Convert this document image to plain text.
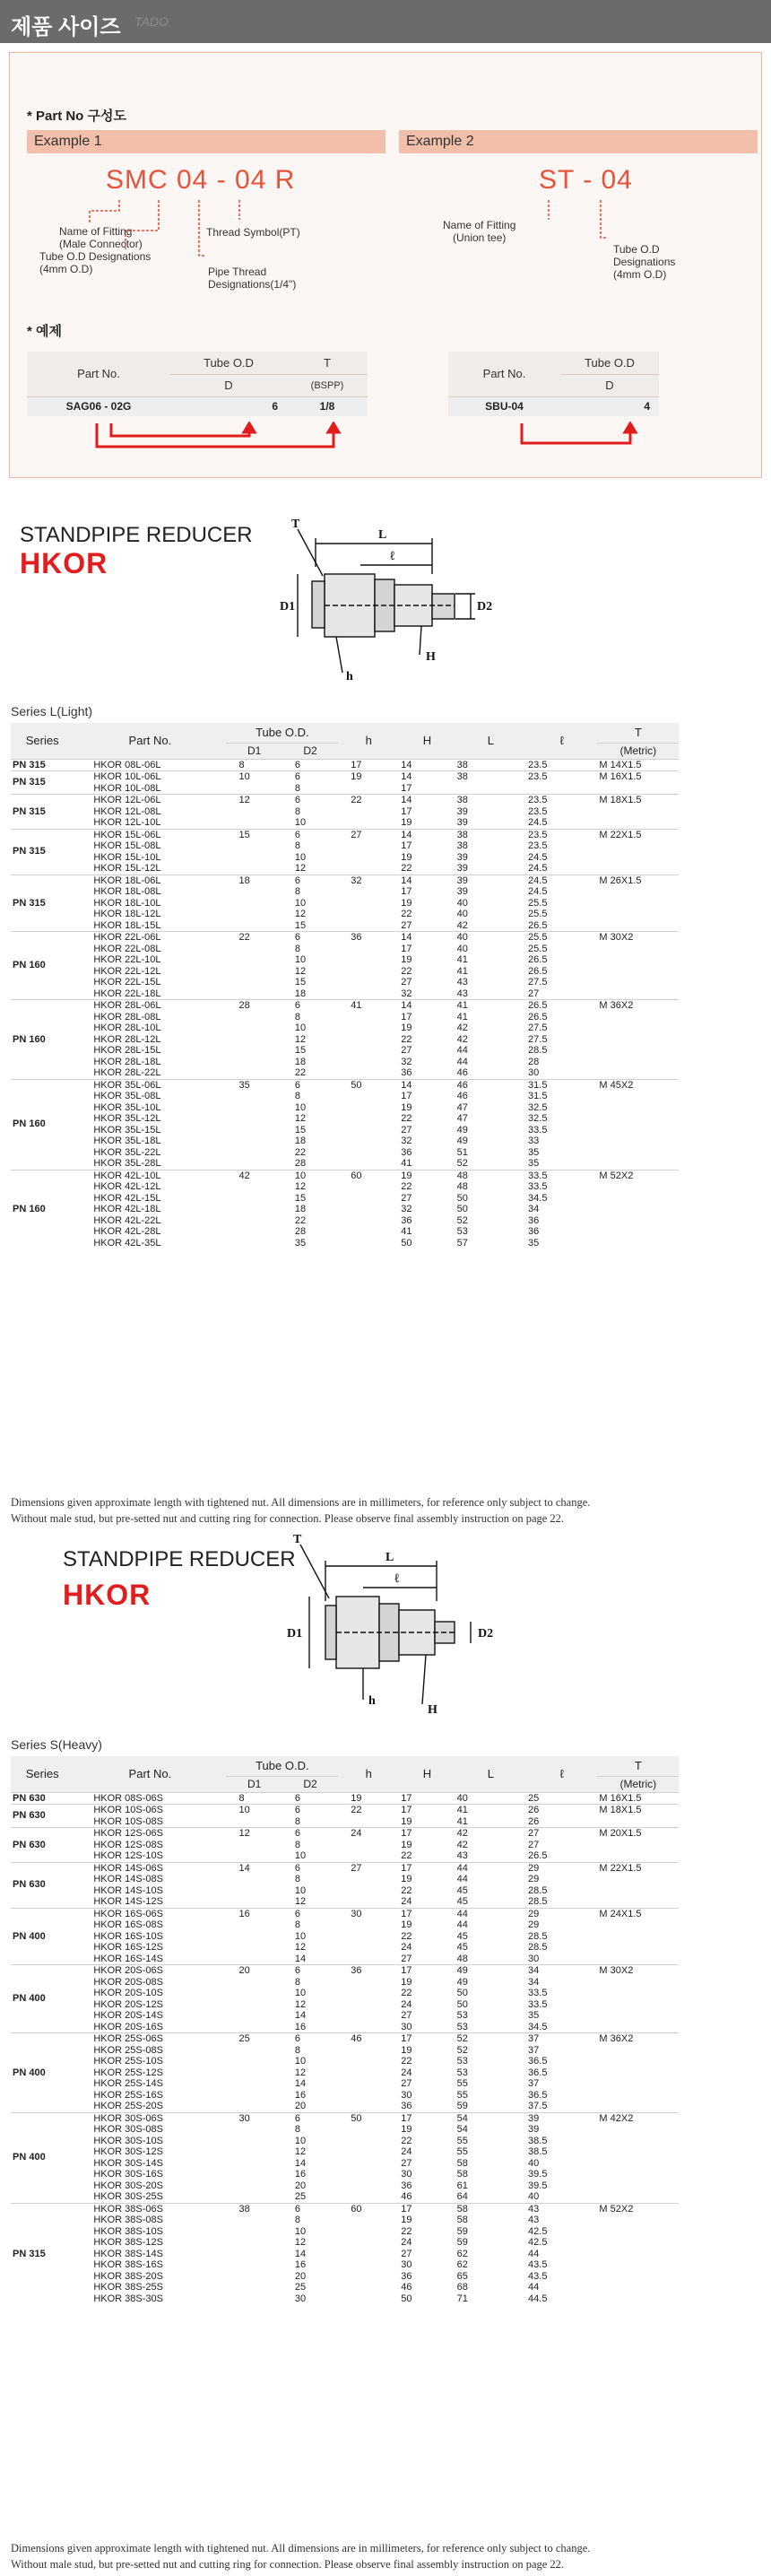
제품 사이즈 TADO
* Part No 구성도
Example 1
SMC 04 - 04 R
Name of Fitting
(Male Connector)
Tube O.D Designations
(4mm O.D)
Thread Symbol(PT)
Pipe Thread
Designations(1/4")
Example 2
ST - 04
Name of Fitting
(Union tee)
Tube O.D
Designations
(4mm O.D)
* 예제
Part No.	Tube O.D	T
	D	(BSPP)
SAG06 - 02G	6	1/8
Part No.	Tube O.D
	D
SBU-04	4
STANDPIPE REDUCER
HKOR
L
ℓ
T
D1	D2
H
h
Series L(Light)
Series	Part No.	Tube O.D.		h	H	L	ℓ	T
		D1	D2					(Metric)
PN 315	HKOR 08L-06L	8	6	17	14	38	23.5	M 14X1.5
PN 315	HKOR 10L-06L	10	6	19	14	38	23.5	M 16X1.5
	HKOR 10L-08L		8		17			
PN 315	HKOR 12L-06L	12	6	22	14	38	23.5	M 18X1.5
	HKOR 12L-08L		8		17	39	23.5	
	HKOR 12L-10L		10		19	39	24.5	
PN 315	HKOR 15L-06L	15	6	27	14	38	23.5	M 22X1.5
	HKOR 15L-08L		8		17	38	23.5	
	HKOR 15L-10L		10		19	39	24.5	
	HKOR 15L-12L		12		22	39	24.5	
PN 315	HKOR 18L-06L	18	6	32	14	39	24.5	M 26X1.5
	HKOR 18L-08L		8		17	39	24.5	
	HKOR 18L-10L		10		19	40	25.5	
	HKOR 18L-12L		12		22	40	25.5	
	HKOR 18L-15L		15		27	42	26.5	
PN 160	HKOR 22L-06L	22	6	36	14	40	25.5	M 30X2
	HKOR 22L-08L		8		17	40	25.5	
	HKOR 22L-10L		10		19	41	26.5	
	HKOR 22L-12L		12		22	41	26.5	
	HKOR 22L-15L		15		27	43	27.5	
	HKOR 22L-18L		18		32	43	27	
PN 160	HKOR 28L-06L	28	6	41	14	41	26.5	M 36X2
	HKOR 28L-08L		8		17	41	26.5	
	HKOR 28L-10L		10		19	42	27.5	
	HKOR 28L-12L		12		22	42	27.5	
	HKOR 28L-15L		15		27	44	28.5	
	HKOR 28L-18L		18		32	44	28	
	HKOR 28L-22L		22		36	46	30	
PN 160	HKOR 35L-06L	35	6	50	14	46	31.5	M 45X2
	HKOR 35L-08L		8		17	46	31.5	
	HKOR 35L-10L		10		19	47	32.5	
	HKOR 35L-12L		12		22	47	32.5	
	HKOR 35L-15L		15		27	49	33.5	
	HKOR 35L-18L		18		32	49	33	
	HKOR 35L-22L		22		36	51	35	
	HKOR 35L-28L		28		41	52	35	
PN 160	HKOR 42L-10L	42	10	60	19	48	33.5	M 52X2
	HKOR 42L-12L		12		22	48	33.5	
	HKOR 42L-15L		15		27	50	34.5	
	HKOR 42L-18L		18		32	50	34	
	HKOR 42L-22L		22		36	52	36	
	HKOR 42L-28L		28		41	53	36	
	HKOR 42L-35L		35		50	57	35	
Dimensions given approximate length with tightened nut. All dimensions are in millimeters, for reference only subject to change.
Without male stud, but pre-setted nut and cutting ring for connection. Please observe final assembly instruction on page 22.
STANDPIPE REDUCER
HKOR
L
ℓ
T
D1	D2
H
h
Series S(Heavy)
Series	Part No.	Tube O.D.		h	H	L	ℓ	T
		D1	D2					(Metric)
PN 630	HKOR 08S-06S	8	6	19	17	40	25	M 16X1.5
PN 630	HKOR 10S-06S	10	6	22	17	41	26	M 18X1.5
	HKOR 10S-08S		8		19	41	26	
PN 630	HKOR 12S-06S	12	6	24	17	42	27	M 20X1.5
	HKOR 12S-08S		8		19	42	27	
	HKOR 12S-10S		10		22	43	26.5	
PN 630	HKOR 14S-06S	14	6	27	17	44	29	M 22X1.5
	HKOR 14S-08S		8		19	44	29	
	HKOR 14S-10S		10		22	45	28.5	
	HKOR 14S-12S		12		24	45	28.5	
PN 400	HKOR 16S-06S	16	6	30	17	44	29	M 24X1.5
	HKOR 16S-08S		8		19	44	29	
	HKOR 16S-10S		10		22	45	28.5	
	HKOR 16S-12S		12		24	45	28.5	
	HKOR 16S-14S		14		27	48	30	
PN 400	HKOR 20S-06S	20	6	36	17	49	34	M 30X2
	HKOR 20S-08S		8		19	49	34	
	HKOR 20S-10S		10		22	50	33.5	
	HKOR 20S-12S		12		24	50	33.5	
	HKOR 20S-14S		14		27	53	35	
	HKOR 20S-16S		16		30	53	34.5	
PN 400	HKOR 25S-06S	25	6	46	17	52	37	M 36X2
	HKOR 25S-08S		8		19	52	37	
	HKOR 25S-10S		10		22	53	36.5	
	HKOR 25S-12S		12		24	53	36.5	
	HKOR 25S-14S		14		27	55	37	
	HKOR 25S-16S		16		30	55	36.5	
	HKOR 25S-20S		20		36	59	37.5	
PN 400	HKOR 30S-06S	30	6	50	17	54	39	M 42X2
	HKOR 30S-08S		8		19	54	39	
	HKOR 30S-10S		10		22	55	38.5	
	HKOR 30S-12S		12		24	55	38.5	
	HKOR 30S-14S		14		27	58	40	
	HKOR 30S-16S		16		30	58	39.5	
	HKOR 30S-20S		20		36	61	39.5	
	HKOR 30S-25S		25		46	64	40	
PN 315	HKOR 38S-06S	38	6	60	17	58	43	M 52X2
	HKOR 38S-08S		8		19	58	43	
	HKOR 38S-10S		10		22	59	42.5	
	HKOR 38S-12S		12		24	59	42.5	
	HKOR 38S-14S		14		27	62	44	
	HKOR 38S-16S		16		30	62	43.5	
	HKOR 38S-20S		20		36	65	43.5	
	HKOR 38S-25S		25		46	68	44	
	HKOR 38S-30S		30		50	71	44.5	
Dimensions given approximate length with tightened nut. All dimensions are in millimeters, for reference only subject to change.
Without male stud, but pre-setted nut and cutting ring for connection. Please observe final assembly instruction on page 22.
